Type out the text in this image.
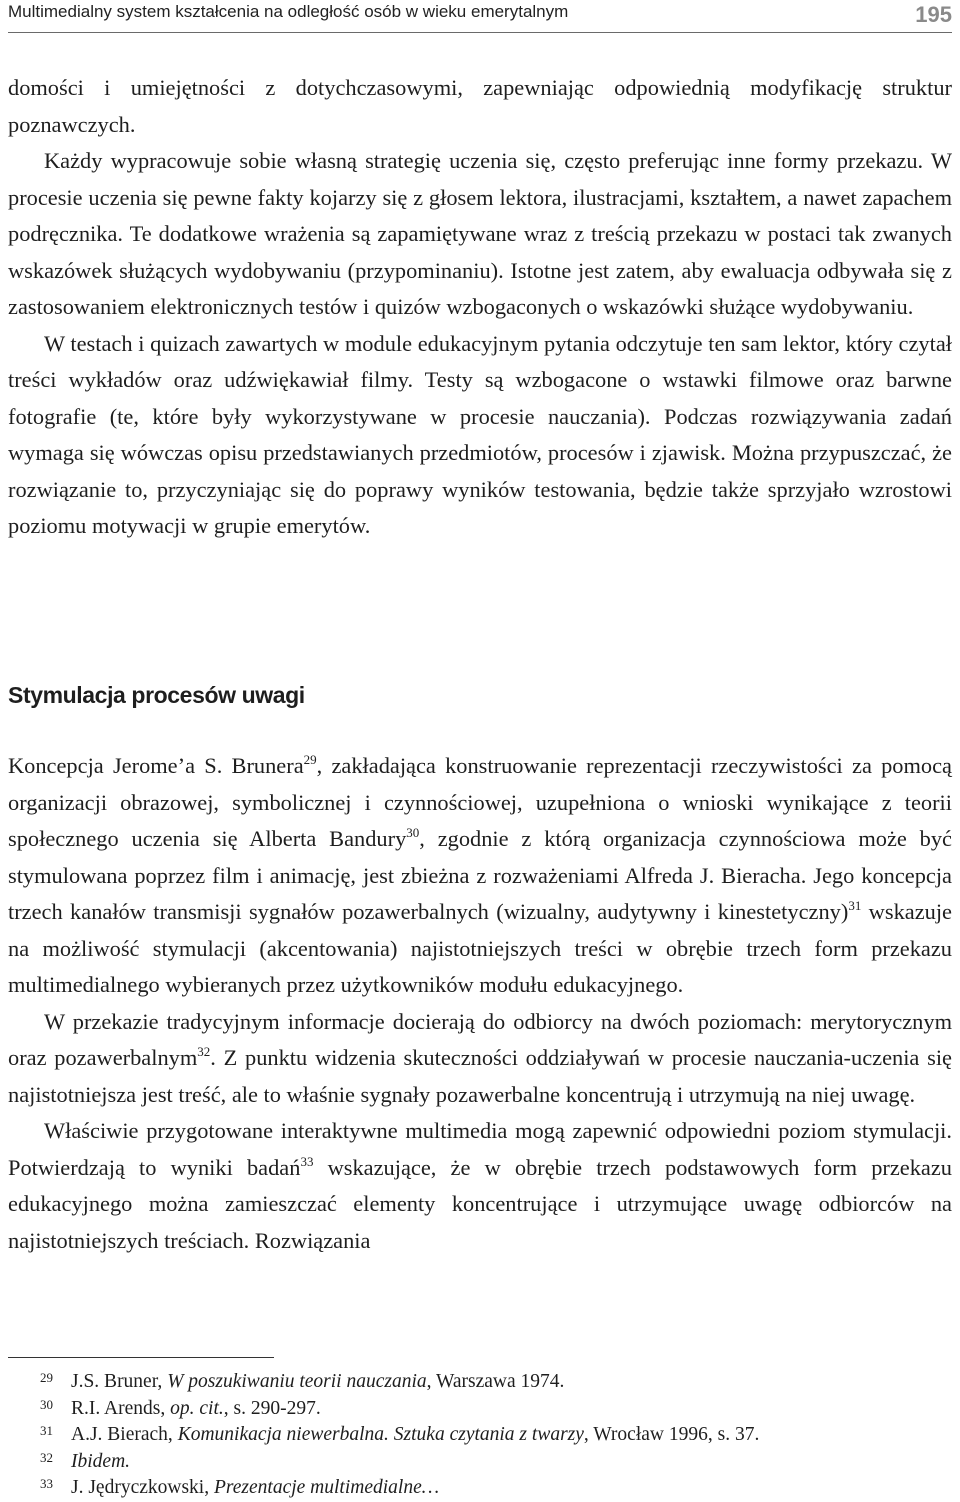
Multimedialny system kształcenia na odległość osób w wieku emerytalnym	195

domości i umiejętności z dotychczasowymi, zapewniając odpowiednią modyfikację struktur poznawczych.

Każdy wypracowuje sobie własną strategię uczenia się, często preferując inne formy przekazu. W procesie uczenia się pewne fakty kojarzy się z głosem lektora, ilustracjami, kształtem, a nawet zapachem podręcznika. Te dodatkowe wrażenia są zapamiętywane wraz z treścią przekazu w postaci tak zwanych wskazówek służących wydobywaniu (przypominaniu). Istotne jest zatem, aby ewaluacja odbywała się z zastosowaniem elektronicznych testów i quizów wzbogaconych o wskazówki służące wydobywaniu.

W testach i quizach zawartych w module edukacyjnym pytania odczytuje ten sam lektor, który czytał treści wykładów oraz udźwiękawiał filmy. Testy są wzbogacone o wstawki filmowe oraz barwne fotografie (te, które były wykorzystywane w procesie nauczania). Podczas rozwiązywania zadań wymaga się wówczas opisu przedstawianych przedmiotów, procesów i zjawisk. Można przypuszczać, że rozwiązanie to, przyczyniając się do poprawy wyników testowania, będzie także sprzyjało wzrostowi poziomu motywacji w grupie emerytów.

Stymulacja procesów uwagi

Koncepcja Jerome’a S. Brunera$^{29}$, zakładająca konstruowanie reprezentacji rzeczywistości za pomocą organizacji obrazowej, symbolicznej i czynnościowej, uzupełniona o wnioski wynikające z teorii społecznego uczenia się Alberta Bandury$^{30}$, zgodnie z którą organizacja czynnościowa może być stymulowana poprzez film i animację, jest zbieżna z rozważeniami Alfreda J. Bieracha. Jego koncepcja trzech kanałów transmisji sygnałów pozawerbalnych (wizualny, audytywny i kinestetyczny)$^{31}$ wskazuje na możliwość stymulacji (akcentowania) najistotniejszych treści w obrębie trzech form przekazu multimedialnego wybieranych przez użytkowników modułu edukacyjnego.

W przekazie tradycyjnym informacje docierają do odbiorcy na dwóch poziomach: merytorycznym oraz pozawerbalnym$^{32}$. Z punktu widzenia skuteczności oddziaływań w procesie nauczania-uczenia się najistotniejsza jest treść, ale to właśnie sygnały pozawerbalne koncentrują i utrzymują na niej uwagę.

Właściwie przygotowane interaktywne multimedia mogą zapewnić odpowiedni poziom stymulacji. Potwierdzają to wyniki badań$^{33}$ wskazujące, że w obrębie trzech podstawowych form przekazu edukacyjnego można zamieszczać elementy koncentrujące i utrzymujące uwagę odbiorców na najistotniejszych treściach. Rozwiązania

29 J.S. Bruner, W poszukiwaniu teorii nauczania, Warszawa 1974.
30 R.I. Arends, op. cit., s. 290-297.
31 A.J. Bierach, Komunikacja niewerbalna. Sztuka czytania z twarzy, Wrocław 1996, s. 37.
32 Ibidem.
33 J. Jędryczkowski, Prezentacje multimedialne…
